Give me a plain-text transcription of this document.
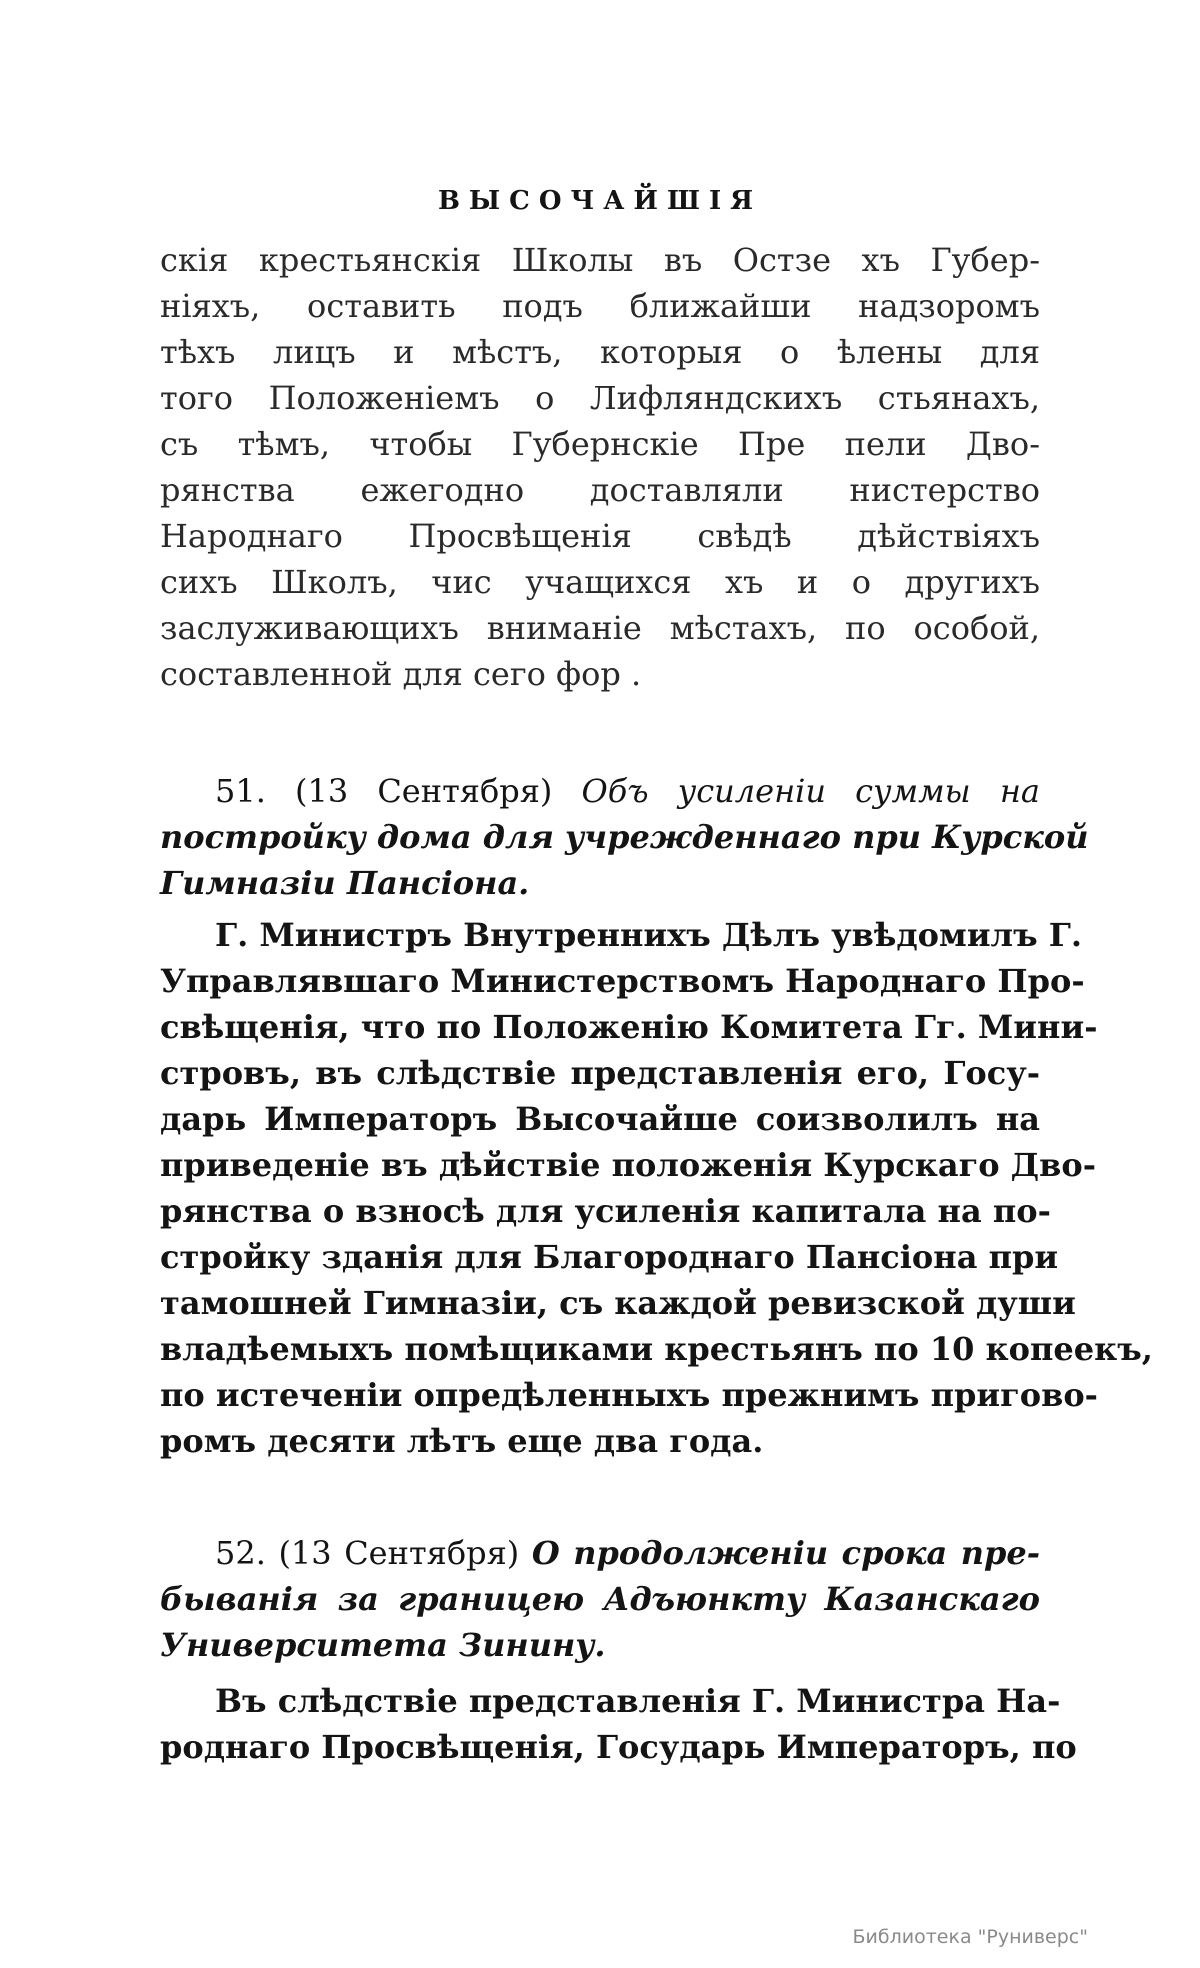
ВЫСОЧАЙШІЯ
скія крестьянскія Школы въ Остзе хъ Губер-
ніяхъ, оставить подъ ближайши надзоромъ
тѣхъ лицъ и мѣстъ, которыя о ѣлены для
того Положеніемъ о Лифляндскихъ стьянахъ,
съ тѣмъ, чтобы Губернскіе Пре пели Дво-
рянства ежегодно доставляли нистерство
Народнаго Просвѣщенія свѣдѣ дѣйствіяхъ
сихъ Школъ, чис учащихся хъ и о другихъ
заслуживающихъ вниманіе мѣстахъ, по особой,
составленной для сего фор .
51. (13 Сентября) Объ усиленіи суммы на
постройку дома для учрежденнаго при Курской
Гимназіи Пансіона.
Г. Министръ Внутреннихъ Дѣлъ увѣдомилъ Г.
Управлявшаго Министерствомъ Народнаго Про-
свѣщенія, что по Положенію Комитета Гг. Мини-
стровъ, въ слѣдствіе представленія его, Госу-
дарь Императоръ Высочайше соизволилъ на
приведеніе въ дѣйствіе положенія Курскаго Дво-
рянства о взносѣ для усиленія капитала на по-
стройку зданія для Благороднаго Пансіона при
тамошней Гимназіи, съ каждой ревизской души
владѣемыхъ помѣщиками крестьянъ по 10 копеекъ,
по истеченіи опредѣленныхъ прежнимъ пригово-
ромъ десяти лѣтъ еще два года.
52. (13 Сентября) О продолженіи срока пре-
быванія за границею Адъюнкту Казанскаго
Университета Зинину.
Въ слѣдствіе представленія Г. Министра На-
роднаго Просвѣщенія, Государь Императоръ, по
Библиотека "Руниверс"
